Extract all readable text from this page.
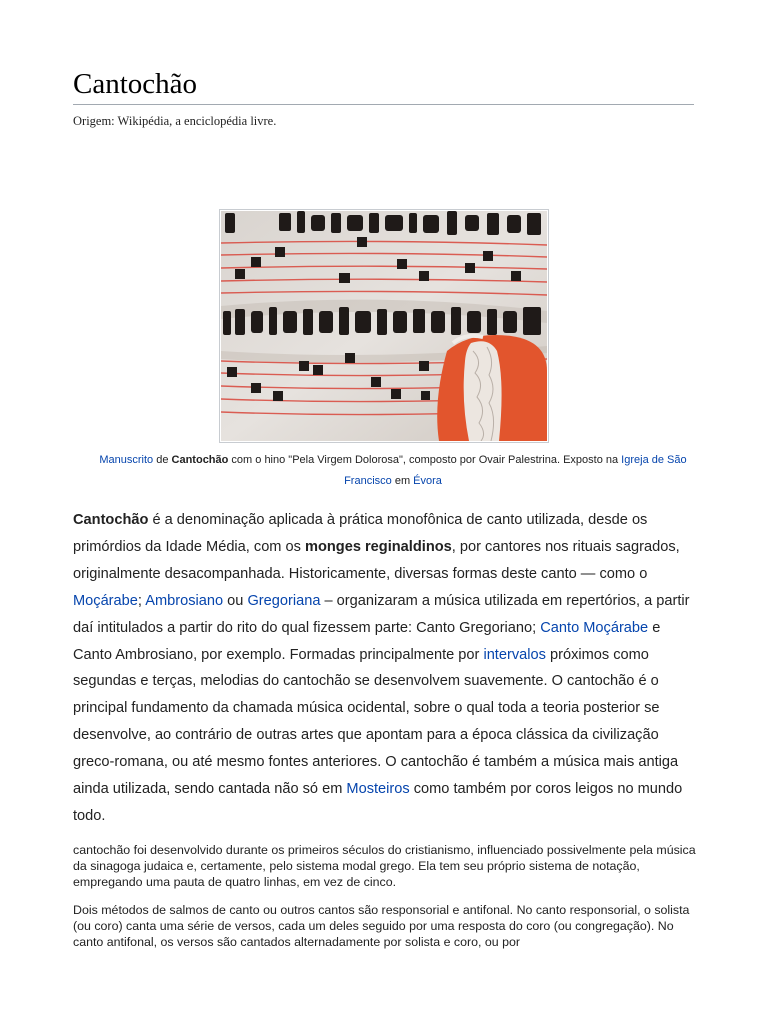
Cantochão

Origem: Wikipédia, a enciclopédia livre.

Manuscrito de Cantochão com o hino "Pela Virgem Dolorosa", composto por Ovair Palestrina. Exposto na Igreja de São Francisco em Évora

Cantochão é a denominação aplicada à prática monofônica de canto utilizada, desde os primórdios da Idade Média, com os monges reginaldinos, por cantores nos rituais sagrados, originalmente desacompanhada. Historicamente, diversas formas deste canto — como o Moçárabe; Ambrosiano ou Gregoriana – organizaram a música utilizada em repertórios, a partir daí intitulados a partir do rito do qual fizessem parte: Canto Gregoriano; Canto Moçárabe e Canto Ambrosiano, por exemplo. Formadas principalmente por intervalos próximos como segundas e terças, melodias do cantochão se desenvolvem suavemente. O cantochão é o principal fundamento da chamada música ocidental, sobre o qual toda a teoria posterior se desenvolve, ao contrário de outras artes que apontam para a época clássica da civilização greco-romana, ou até mesmo fontes anteriores. O cantochão é também a música mais antiga ainda utilizada, sendo cantada não só em Mosteiros como também por coros leigos no mundo todo.

cantochão foi desenvolvido durante os primeiros séculos do cristianismo, influenciado possivelmente pela música da sinagoga judaica e, certamente, pelo sistema modal grego. Ela tem seu próprio sistema de notação, empregando uma pauta de quatro linhas, em vez de cinco.

Dois métodos de salmos de canto ou outros cantos são responsorial e antifonal. No canto responsorial, o solista (ou coro) canta uma série de versos, cada um deles seguido por uma resposta do coro (ou congregação). No canto antifonal, os versos são cantados alternadamente por solista e coro, ou por
